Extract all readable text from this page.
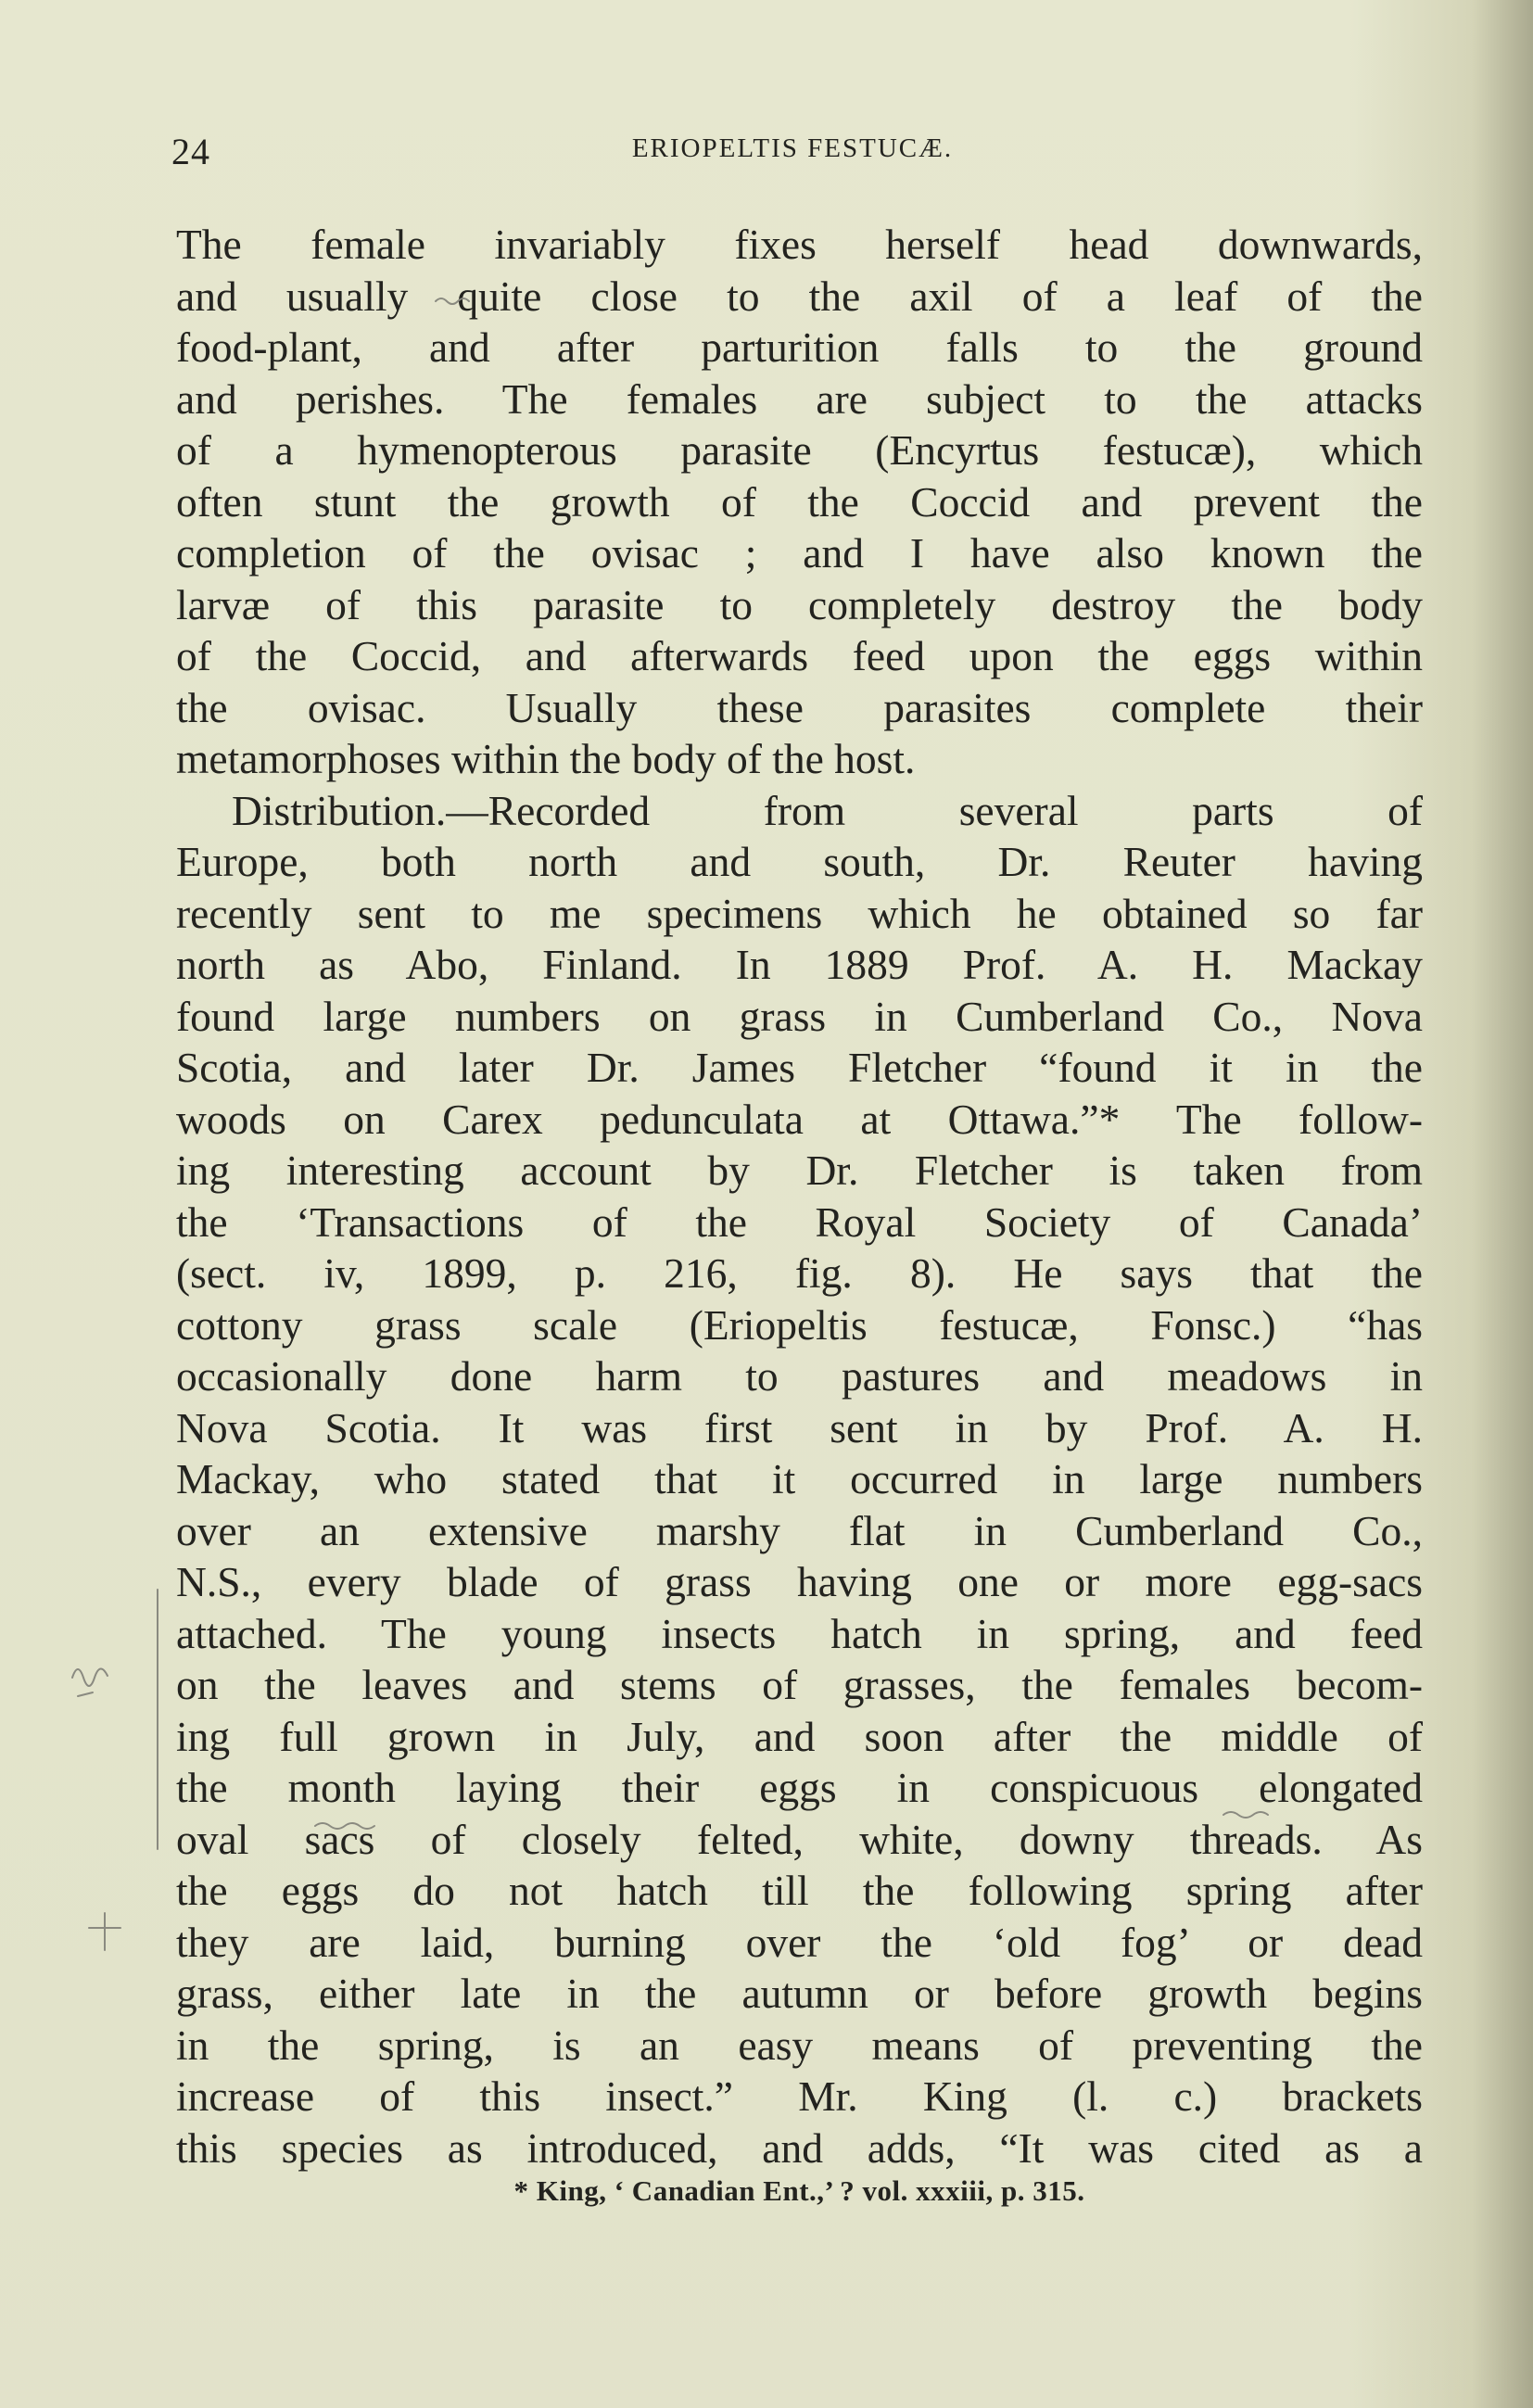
24	ERIOPELTIS FESTUCÆ.
The female invariably fixes herself head downwards,
and usually quite close to the axil of a leaf of the
food-plant, and after parturition falls to the ground
and perishes. The females are subject to the attacks
of a hymenopterous parasite (Encyrtus festucæ), which
often stunt the growth of the Coccid and prevent the
completion of the ovisac ; and I have also known the
larvæ of this parasite to completely destroy the body
of the Coccid, and afterwards feed upon the eggs within
the ovisac. Usually these parasites complete their
metamorphoses within the body of the host.
Distribution.—Recorded from several parts of
Europe, both north and south, Dr. Reuter having
recently sent to me specimens which he obtained so far
north as Abo, Finland. In 1889 Prof. A. H. Mackay
found large numbers on grass in Cumberland Co., Nova
Scotia, and later Dr. James Fletcher “found it in the
woods on Carex pedunculata at Ottawa.”* The follow-
ing interesting account by Dr. Fletcher is taken from
the ‘Transactions of the Royal Society of Canada’
(sect. iv, 1899, p. 216, fig. 8). He says that the
cottony grass scale (Eriopeltis festucæ, Fonsc.) “has
occasionally done harm to pastures and meadows in
Nova Scotia. It was first sent in by Prof. A. H.
Mackay, who stated that it occurred in large numbers
over an extensive marshy flat in Cumberland Co.,
N.S., every blade of grass having one or more egg-sacs
attached. The young insects hatch in spring, and feed
on the leaves and stems of grasses, the females becom-
ing full grown in July, and soon after the middle of
the month laying their eggs in conspicuous elongated
oval sacs of closely felted, white, downy threads. As
the eggs do not hatch till the following spring after
they are laid, burning over the ‘old fog’ or dead
grass, either late in the autumn or before growth begins
in the spring, is an easy means of preventing the
increase of this insect.” Mr. King (l. c.) brackets
this species as introduced, and adds, “It was cited as a
* King, ‘ Canadian Ent.,’ ? vol. xxxiii, p. 315.
